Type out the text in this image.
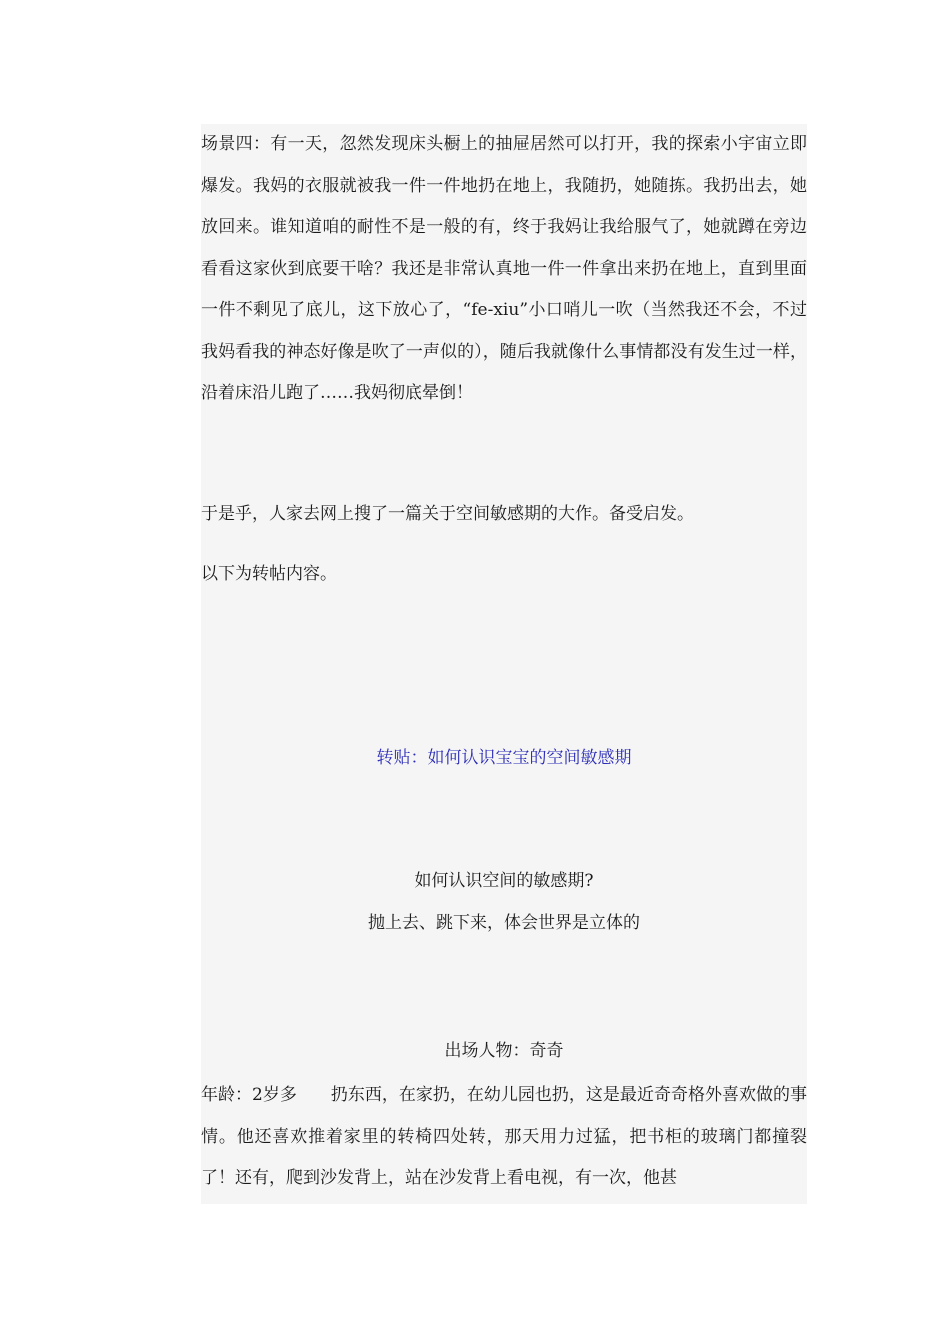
场景四：有一天，忽然发现床头橱上的抽屉居然可以打开，我的探索小宇宙立即爆发。我妈的衣服就被我一件一件地扔在地上，我随扔，她随拣。我扔出去，她放回来。谁知道咱的耐性不是一般的有，终于我妈让我给服气了，她就蹲在旁边看看这家伙到底要干啥？我还是非常认真地一件一件拿出来扔在地上，直到里面一件不剩见了底儿，这下放心了，“fe-xiu”小口哨儿一吹（当然我还不会，不过我妈看我的神态好像是吹了一声似的），随后我就像什么事情都没有发生过一样，沿着床沿儿跑了……我妈彻底晕倒！

于是乎，人家去网上搜了一篇关于空间敏感期的大作。备受启发。

以下为转帖内容。

转贴：如何认识宝宝的空间敏感期

如何认识空间的敏感期?

抛上去、跳下来，体会世界是立体的

出场人物：奇奇

年龄：2岁多　　扔东西，在家扔，在幼儿园也扔，这是最近奇奇格外喜欢做的事情。他还喜欢推着家里的转椅四处转，那天用力过猛，把书柜的玻璃门都撞裂了！还有，爬到沙发背上，站在沙发背上看电视，有一次，他甚
